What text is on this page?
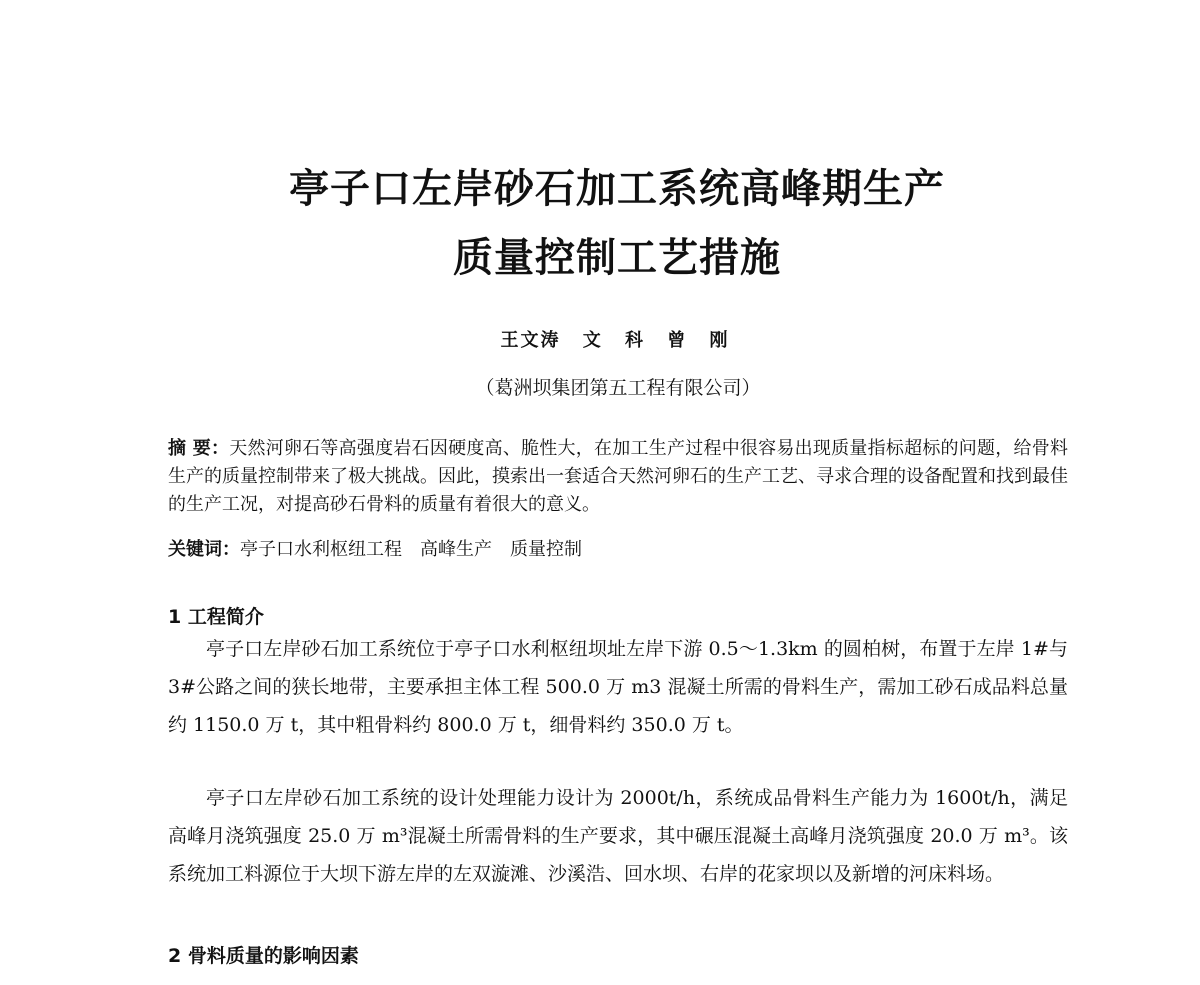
亭子口左岸砂石加工系统高峰期生产
质量控制工艺措施
王文涛 文 科 曾 刚
（葛洲坝集团第五工程有限公司）
摘 要：天然河卵石等高强度岩石因硬度高、脆性大，在加工生产过程中很容易出现质量指标超标的问题，给骨料生产的质量控制带来了极大挑战。因此，摸索出一套适合天然河卵石的生产工艺、寻求合理的设备配置和找到最佳的生产工况，对提高砂石骨料的质量有着很大的意义。
关键词：亭子口水利枢纽工程 高峰生产 质量控制
1 工程简介
亭子口左岸砂石加工系统位于亭子口水利枢纽坝址左岸下游 0.5～1.3km 的圆柏树，布置于左岸 1#与 3#公路之间的狭长地带，主要承担主体工程 500.0 万 m3 混凝土所需的骨料生产，需加工砂石成品料总量约 1150.0 万 t，其中粗骨料约 800.0 万 t，细骨料约 350.0 万 t。
亭子口左岸砂石加工系统的设计处理能力设计为 2000t/h，系统成品骨料生产能力为 1600t/h，满足高峰月浇筑强度 25.0 万 m³混凝土所需骨料的生产要求，其中碾压混凝土高峰月浇筑强度 20.0 万 m³。该系统加工料源位于大坝下游左岸的左双漩滩、沙溪浩、回水坝、右岸的花家坝以及新增的河床料场。
2 骨料质量的影响因素
